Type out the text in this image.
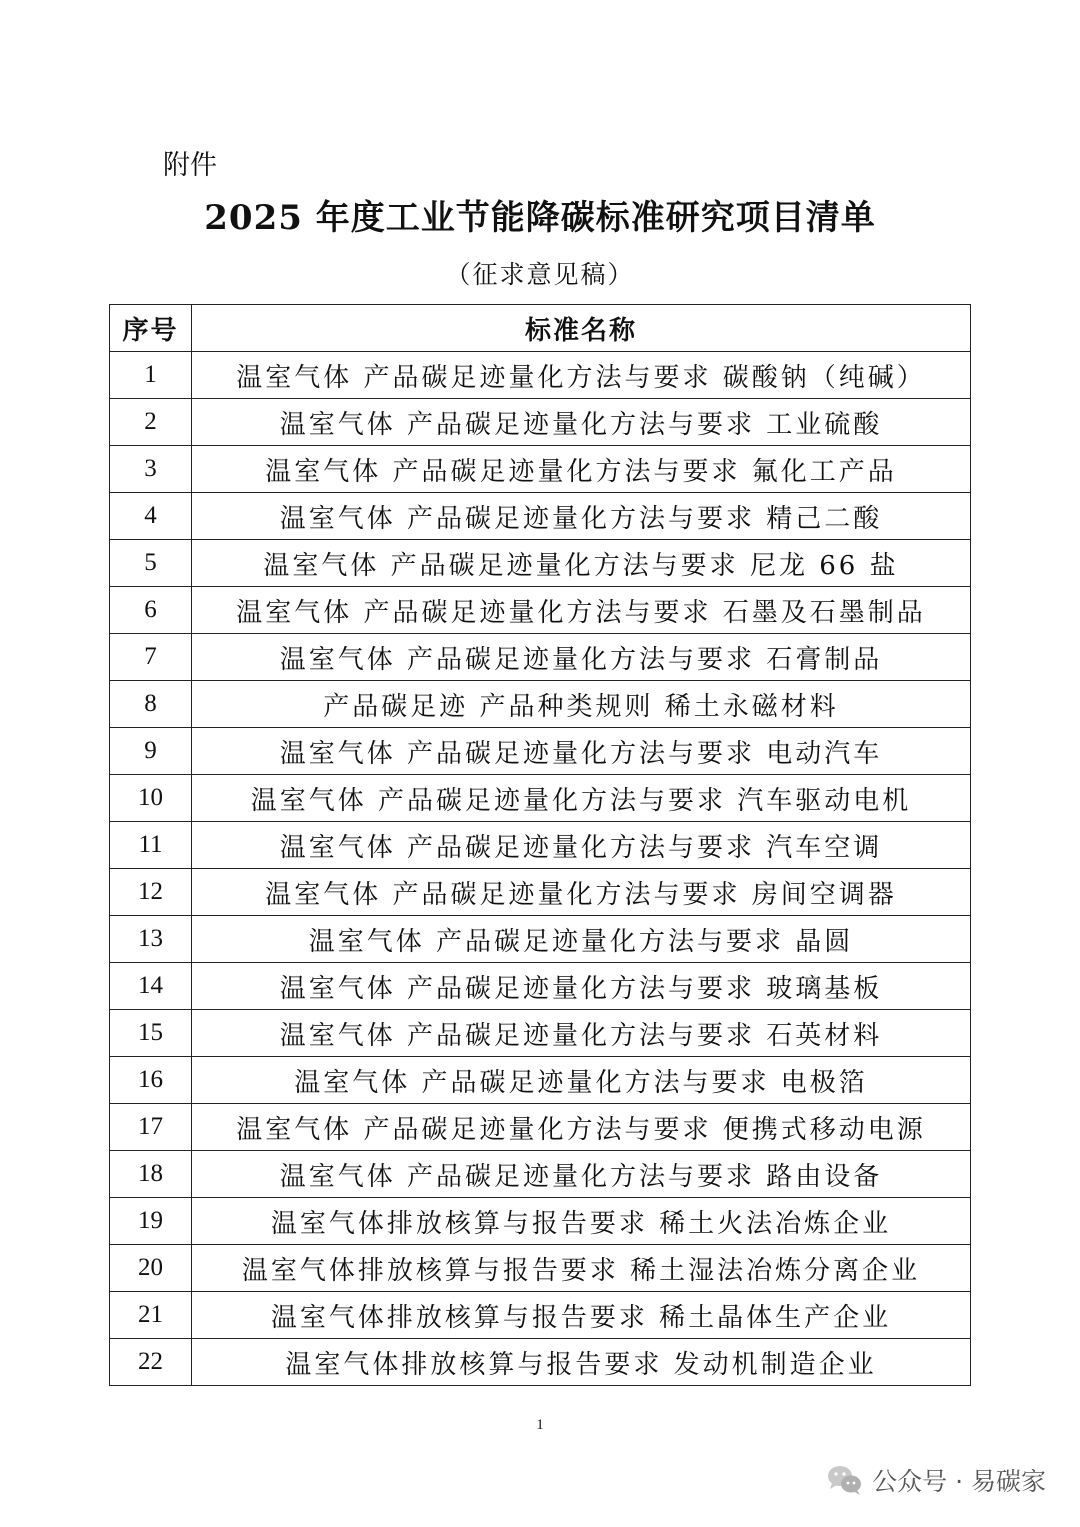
附件
2025 年度工业节能降碳标准研究项目清单
（征求意见稿）
序号	标准名称
1	温室气体 产品碳足迹量化方法与要求 碳酸钠（纯碱）
2	温室气体 产品碳足迹量化方法与要求 工业硫酸
3	温室气体 产品碳足迹量化方法与要求 氟化工产品
4	温室气体 产品碳足迹量化方法与要求 精己二酸
5	温室气体 产品碳足迹量化方法与要求 尼龙 66 盐
6	温室气体 产品碳足迹量化方法与要求 石墨及石墨制品
7	温室气体 产品碳足迹量化方法与要求 石膏制品
8	产品碳足迹 产品种类规则 稀土永磁材料
9	温室气体 产品碳足迹量化方法与要求 电动汽车
10	温室气体 产品碳足迹量化方法与要求 汽车驱动电机
11	温室气体 产品碳足迹量化方法与要求 汽车空调
12	温室气体 产品碳足迹量化方法与要求 房间空调器
13	温室气体 产品碳足迹量化方法与要求 晶圆
14	温室气体 产品碳足迹量化方法与要求 玻璃基板
15	温室气体 产品碳足迹量化方法与要求 石英材料
16	温室气体 产品碳足迹量化方法与要求 电极箔
17	温室气体 产品碳足迹量化方法与要求 便携式移动电源
18	温室气体 产品碳足迹量化方法与要求 路由设备
19	温室气体排放核算与报告要求 稀土火法冶炼企业
20	温室气体排放核算与报告要求 稀土湿法冶炼分离企业
21	温室气体排放核算与报告要求 稀土晶体生产企业
22	温室气体排放核算与报告要求 发动机制造企业
1
公众号 · 易碳家
